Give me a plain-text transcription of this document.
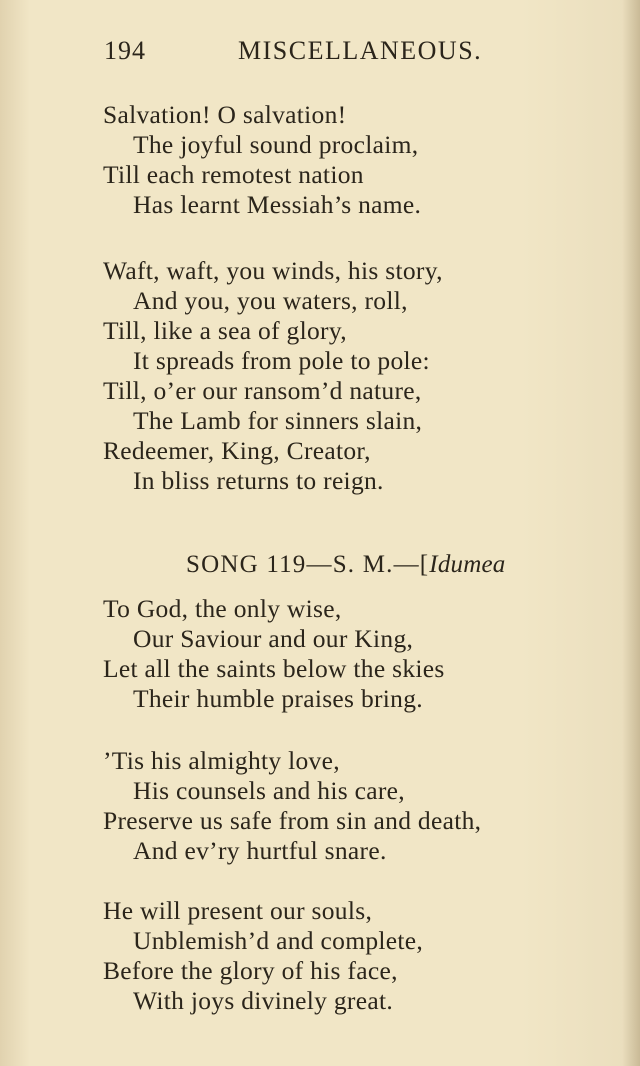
194	MISCELLANEOUS.
Salvation! O salvation!
The joyful sound proclaim,
Till each remotest nation
Has learnt Messiah’s name.
Waft, waft, you winds, his story,
And you, you waters, roll,
Till, like a sea of glory,
It spreads from pole to pole:
Till, o’er our ransom’d nature,
The Lamb for sinners slain,
Redeemer, King, Creator,
In bliss returns to reign.
SONG 119—S. M.—[Idumea
To God, the only wise,
Our Saviour and our King,
Let all the saints below the skies
Their humble praises bring.
’Tis his almighty love,
His counsels and his care,
Preserve us safe from sin and death,
And ev’ry hurtful snare.
He will present our souls,
Unblemish’d and complete,
Before the glory of his face,
With joys divinely great.
